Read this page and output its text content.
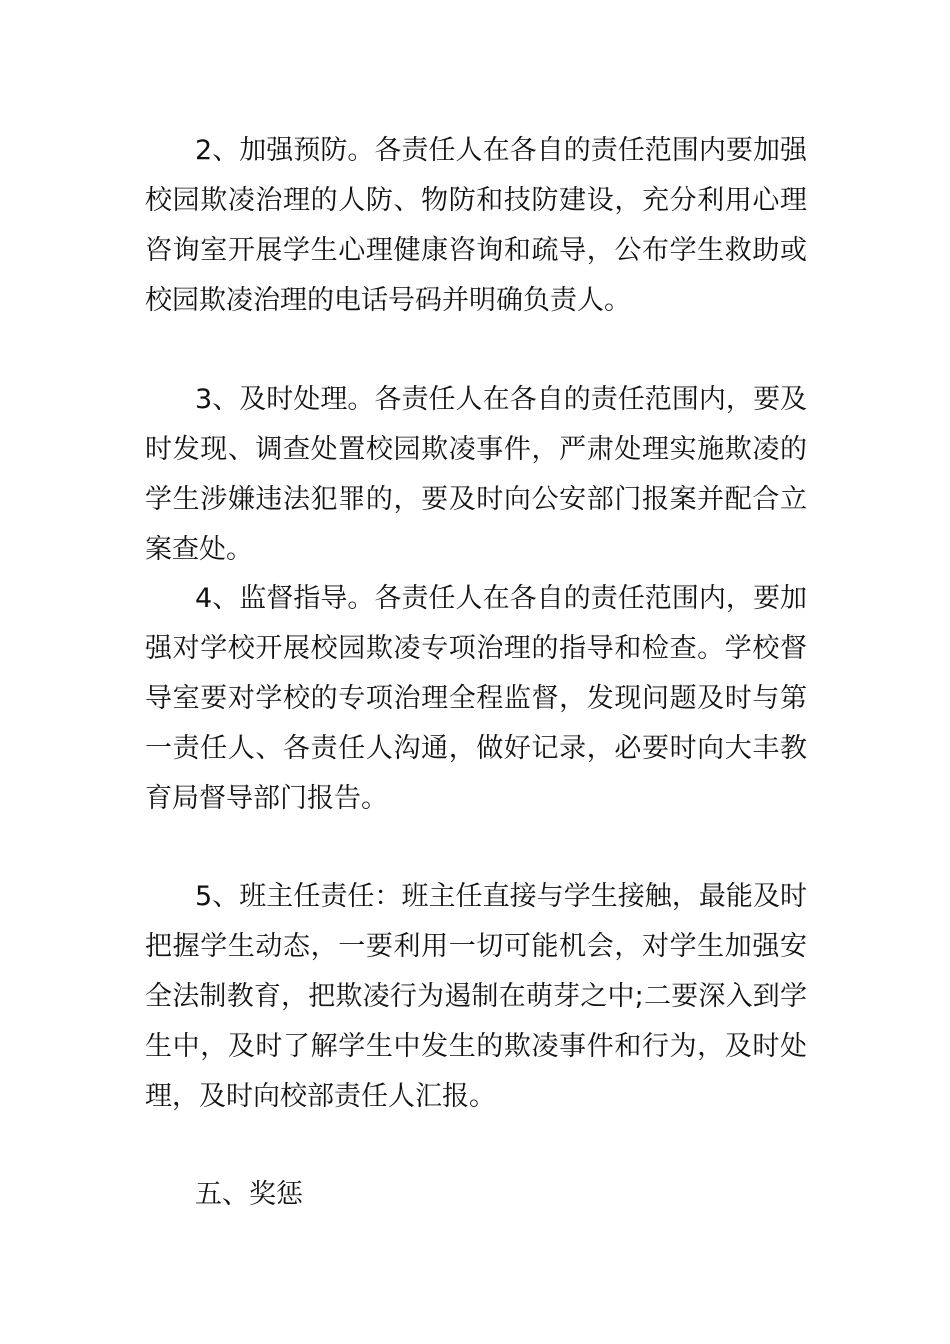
2、加强预防。各责任人在各自的责任范围内要加强校园欺凌治理的人防、物防和技防建设，充分利用心理咨询室开展学生心理健康咨询和疏导，公布学生救助或校园欺凌治理的电话号码并明确负责人。

3、及时处理。各责任人在各自的责任范围内，要及时发现、调查处置校园欺凌事件，严肃处理实施欺凌的学生涉嫌违法犯罪的，要及时向公安部门报案并配合立案查处。

4、监督指导。各责任人在各自的责任范围内，要加强对学校开展校园欺凌专项治理的指导和检查。学校督导室要对学校的专项治理全程监督，发现问题及时与第一责任人、各责任人沟通，做好记录，必要时向大丰教育局督导部门报告。

5、班主任责任：班主任直接与学生接触，最能及时把握学生动态，一要利用一切可能机会，对学生加强安全法制教育，把欺凌行为遏制在萌芽之中;二要深入到学生中，及时了解学生中发生的欺凌事件和行为，及时处理，及时向校部责任人汇报。

五、奖惩
